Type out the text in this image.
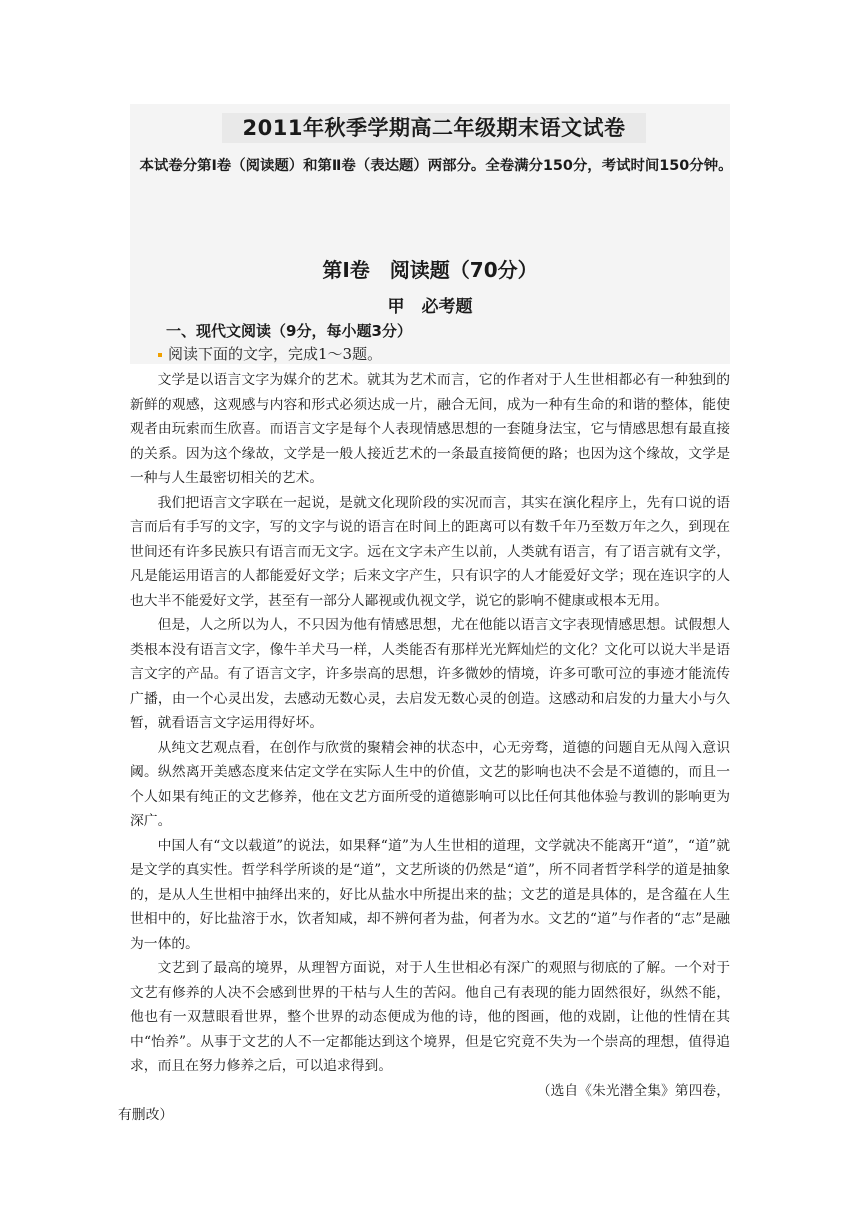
2011年秋季学期高二年级期末语文试卷
本试卷分第Ⅰ卷（阅读题）和第Ⅱ卷（表达题）两部分。全卷满分150分，考试时间150分钟。
第Ⅰ卷　阅读题（70分）
甲　必考题
一、现代文阅读（9分，每小题3分）
阅读下面的文字，完成1～3题。

文学是以语言文字为媒介的艺术。就其为艺术而言，它的作者对于人生世相都必有一种独到的新鲜的观感，这观感与内容和形式必须达成一片，融合无间，成为一种有生命的和谐的整体，能使观者由玩索而生欣喜。而语言文字是每个人表现情感思想的一套随身法宝，它与情感思想有最直接的关系。因为这个缘故，文学是一般人接近艺术的一条最直接简便的路；也因为这个缘故，文学是一种与人生最密切相关的艺术。

我们把语言文字联在一起说，是就文化现阶段的实况而言，其实在演化程序上，先有口说的语言而后有手写的文字，写的文字与说的语言在时间上的距离可以有数千年乃至数万年之久，到现在世间还有许多民族只有语言而无文字。远在文字未产生以前，人类就有语言，有了语言就有文学，凡是能运用语言的人都能爱好文学；后来文字产生，只有识字的人才能爱好文学；现在连识字的人也大半不能爱好文学，甚至有一部分人鄙视或仇视文学，说它的影响不健康或根本无用。

但是，人之所以为人，不只因为他有情感思想，尤在他能以语言文字表现情感思想。试假想人类根本没有语言文字，像牛羊犬马一样，人类能否有那样光光辉灿烂的文化？文化可以说大半是语言文字的产品。有了语言文字，许多崇高的思想，许多微妙的情境，许多可歌可泣的事迹才能流传广播，由一个心灵出发，去感动无数心灵，去启发无数心灵的创造。这感动和启发的力量大小与久暂，就看语言文字运用得好坏。

从纯文艺观点看，在创作与欣赏的聚精会神的状态中，心无旁骛，道德的问题自无从闯入意识阈。纵然离开美感态度来估定文学在实际人生中的价值，文艺的影响也决不会是不道德的，而且一个人如果有纯正的文艺修养，他在文艺方面所受的道德影响可以比任何其他体验与教训的影响更为深广。

中国人有“文以载道”的说法，如果释“道”为人生世相的道理，文学就决不能离开“道”，“道”就是文学的真实性。哲学科学所谈的是“道”，文艺所谈的仍然是“道”，所不同者哲学科学的道是抽象的，是从人生世相中抽绎出来的，好比从盐水中所提出来的盐；文艺的道是具体的，是含蕴在人生世相中的，好比盐溶于水，饮者知咸，却不辨何者为盐，何者为水。文艺的“道”与作者的“志”是融为一体的。

文艺到了最高的境界，从理智方面说，对于人生世相必有深广的观照与彻底的了解。一个对于文艺有修养的人决不会感到世界的干枯与人生的苦闷。他自己有表现的能力固然很好，纵然不能，他也有一双慧眼看世界，整个世界的动态便成为他的诗，他的图画，他的戏剧，让他的性情在其中“怡养”。从事于文艺的人不一定都能达到这个境界，但是它究竟不失为一个崇高的理想，值得追求，而且在努力修养之后，可以追求得到。

（选自《朱光潜全集》第四卷，

有删改）
